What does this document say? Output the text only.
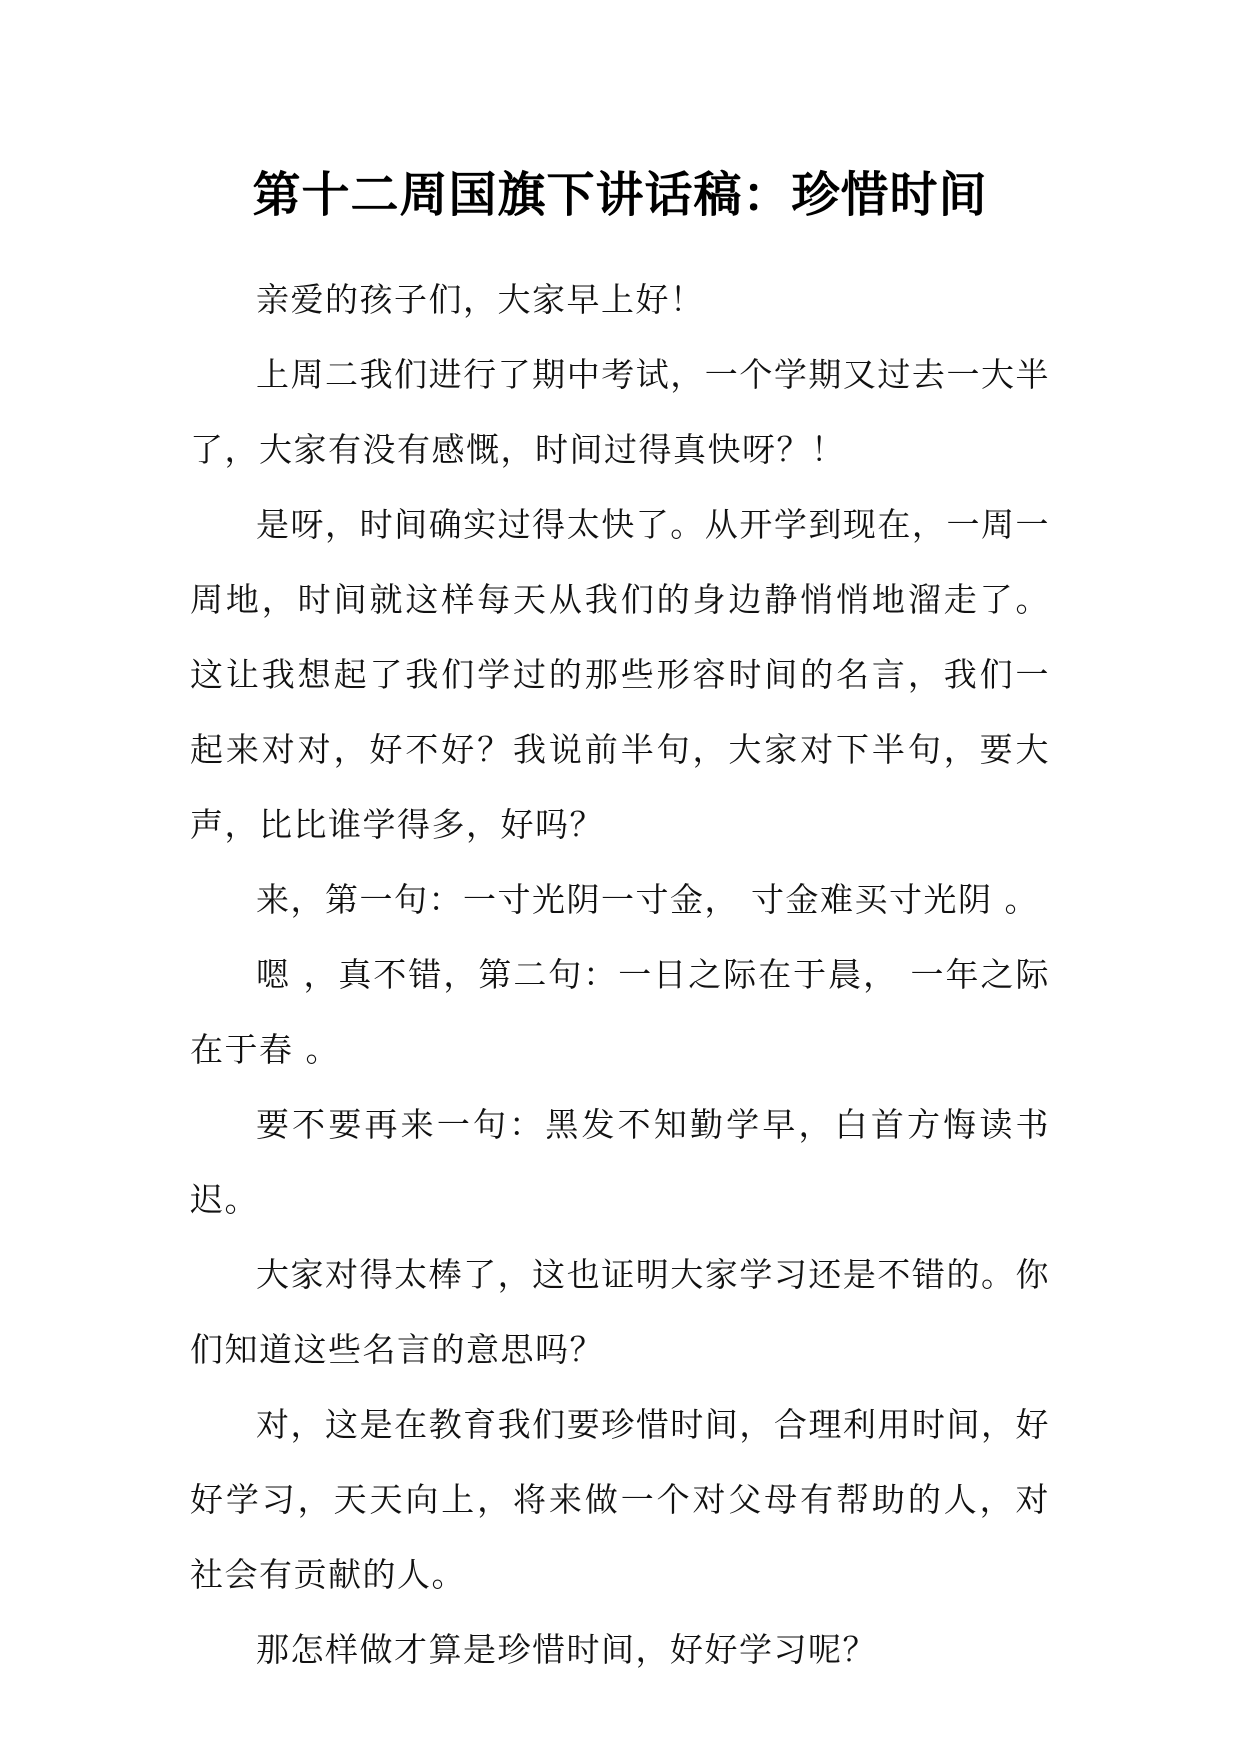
第十二周国旗下讲话稿：珍惜时间

亲爱的孩子们，大家早上好！

上周二我们进行了期中考试，一个学期又过去一大半了，大家有没有感慨，时间过得真快呀？！

是呀，时间确实过得太快了。从开学到现在，一周一周地，时间就这样每天从我们的身边静悄悄地溜走了。这让我想起了我们学过的那些形容时间的名言，我们一起来对对，好不好？我说前半句，大家对下半句，要大声，比比谁学得多，好吗？

来，第一句：一寸光阴一寸金， 寸金难买寸光阴 。

嗯 ，真不错，第二句：一日之际在于晨， 一年之际在于春 。

要不要再来一句：黑发不知勤学早，白首方悔读书迟。

大家对得太棒了，这也证明大家学习还是不错的。你们知道这些名言的意思吗？

对，这是在教育我们要珍惜时间，合理利用时间，好好学习，天天向上，将来做一个对父母有帮助的人，对社会有贡献的人。

那怎样做才算是珍惜时间，好好学习呢？
